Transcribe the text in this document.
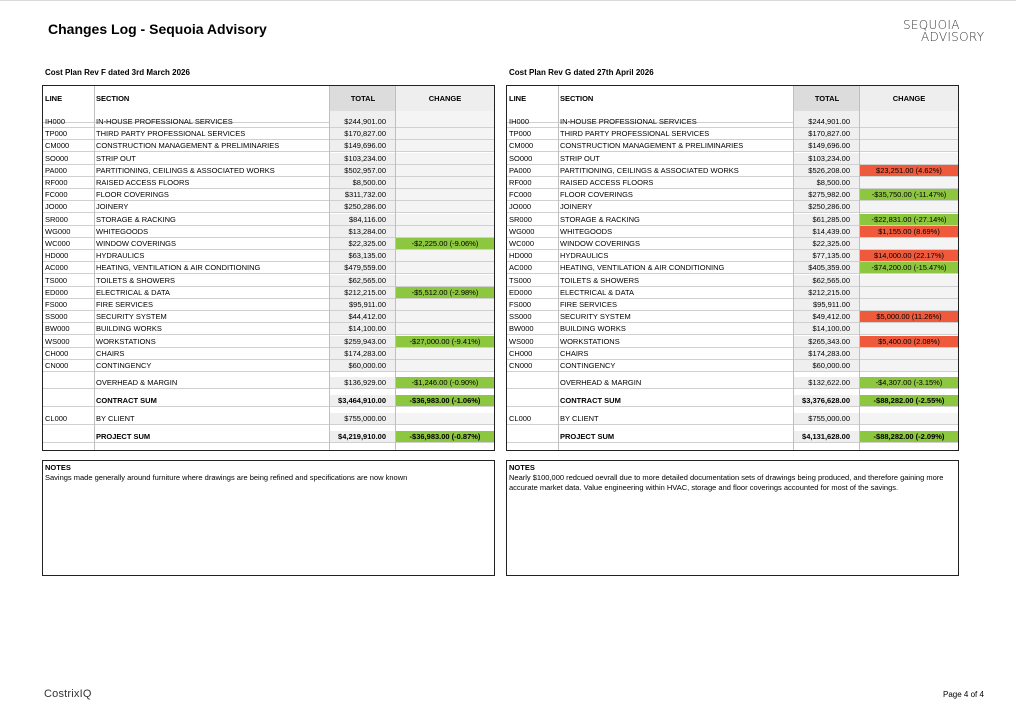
Changes Log - Sequoia Advisory	SEQUOIA
ADVISORY
Cost Plan Rev F dated 3rd March 2026
LINE	SECTION	TOTAL	CHANGE
IH000	IN-HOUSE PROFESSIONAL SERVICES	$244,901.00
TP000	THIRD PARTY PROFESSIONAL SERVICES	$170,827.00
CM000	CONSTRUCTION MANAGEMENT & PRELIMINARIES	$149,696.00
SO000	STRIP OUT	$103,234.00
PA000	PARTITIONING, CEILINGS & ASSOCIATED WORKS	$502,957.00
RF000	RAISED ACCESS FLOORS	$8,500.00
FC000	FLOOR COVERINGS	$311,732.00
JO000	JOINERY	$250,286.00
SR000	STORAGE & RACKING	$84,116.00
WG000	WHITEGOODS	$13,284.00
WC000	WINDOW COVERINGS	$22,325.00	-$2,225.00 (-9.06%)
HD000	HYDRAULICS	$63,135.00
AC000	HEATING, VENTILATION & AIR CONDITIONING	$479,559.00
TS000	TOILETS & SHOWERS	$62,565.00
ED000	ELECTRICAL & DATA	$212,215.00	-$5,512.00 (-2.98%)
FS000	FIRE SERVICES	$95,911.00
SS000	SECURITY SYSTEM	$44,412.00
BW000	BUILDING WORKS	$14,100.00
WS000	WORKSTATIONS	$259,943.00	-$27,000.00 (-9.41%)
CH000	CHAIRS	$174,283.00
CN000	CONTINGENCY	$60,000.00
OVERHEAD & MARGIN	$136,929.00	-$1,246.00 (-0.90%)
CONTRACT SUM	$3,464,910.00	-$36,983.00 (-1.06%)
CL000	BY CLIENT	$755,000.00
PROJECT SUM	$4,219,910.00	-$36,983.00 (-0.87%)
NOTES
Savings made generally around furniture where drawings are being refined and specifications are now known
Cost Plan Rev G dated 27th April 2026
LINE	SECTION	TOTAL	CHANGE
IH000	IN-HOUSE PROFESSIONAL SERVICES	$244,901.00
TP000	THIRD PARTY PROFESSIONAL SERVICES	$170,827.00
CM000	CONSTRUCTION MANAGEMENT & PRELIMINARIES	$149,696.00
SO000	STRIP OUT	$103,234.00
PA000	PARTITIONING, CEILINGS & ASSOCIATED WORKS	$526,208.00	$23,251.00 (4.62%)
RF000	RAISED ACCESS FLOORS	$8,500.00
FC000	FLOOR COVERINGS	$275,982.00	-$35,750.00 (-11.47%)
JO000	JOINERY	$250,286.00
SR000	STORAGE & RACKING	$61,285.00	-$22,831.00 (-27.14%)
WG000	WHITEGOODS	$14,439.00	$1,155.00 (8.69%)
WC000	WINDOW COVERINGS	$22,325.00
HD000	HYDRAULICS	$77,135.00	$14,000.00 (22.17%)
AC000	HEATING, VENTILATION & AIR CONDITIONING	$405,359.00	-$74,200.00 (-15.47%)
TS000	TOILETS & SHOWERS	$62,565.00
ED000	ELECTRICAL & DATA	$212,215.00
FS000	FIRE SERVICES	$95,911.00
SS000	SECURITY SYSTEM	$49,412.00	$5,000.00 (11.26%)
BW000	BUILDING WORKS	$14,100.00
WS000	WORKSTATIONS	$265,343.00	$5,400.00 (2.08%)
CH000	CHAIRS	$174,283.00
CN000	CONTINGENCY	$60,000.00
OVERHEAD & MARGIN	$132,622.00	-$4,307.00 (-3.15%)
CONTRACT SUM	$3,376,628.00	-$88,282.00 (-2.55%)
CL000	BY CLIENT	$755,000.00
PROJECT SUM	$4,131,628.00	-$88,282.00 (-2.09%)
NOTES
Nearly $100,000 redcued oevrall due to more detailed documentation sets of drawings being produced, and therefore gaining more accurate market data. Value engineering within HVAC, storage and floor coverings accounted for most of the savings.
CostrixIQ	Page 4 of 4
